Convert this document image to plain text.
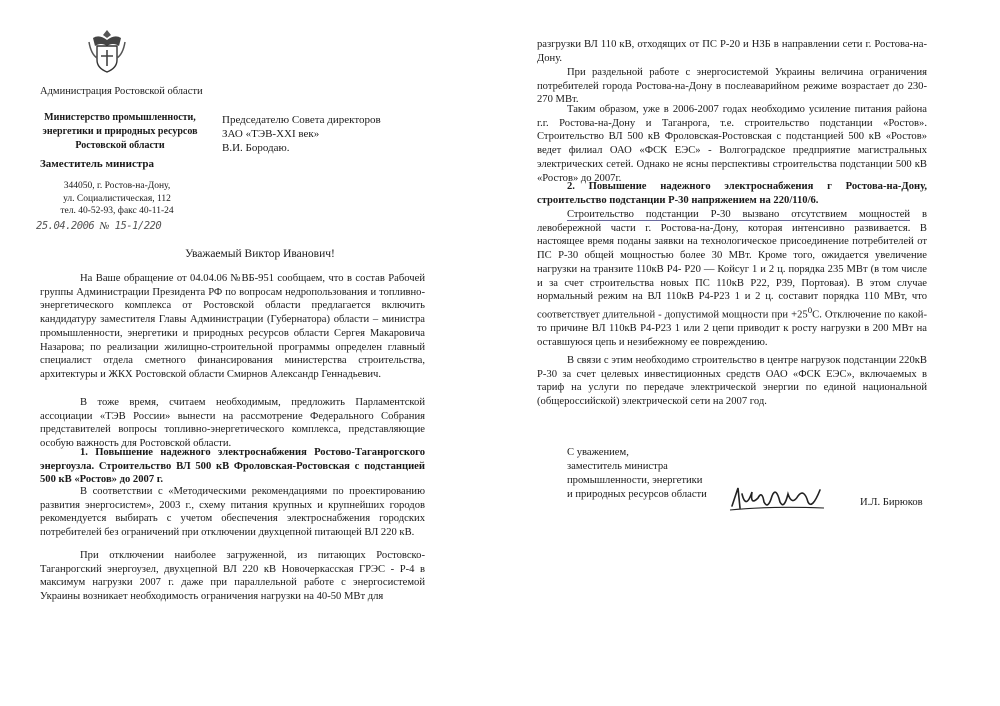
Администрация Ростовской области
Министерство промышленности,
энергетики и природных ресурсов
Ростовской области
Заместитель министра
344050, г. Ростов-на-Дону,
ул. Социалистическая, 112
тел. 40-52-93, факс 40-11-24
25.04.2006 № 15-1/220
Председателю Совета директоров
ЗАО «ТЭВ-XXI век»
В.И. Бородаю.
Уважаемый Виктор Иванович!

На Ваше обращение от 04.04.06 №ВБ-951 сообщаем, что в состав Рабочей группы Администрации Президента РФ по вопросам недропользования и топливно-энергетического комплекса от Ростовской области предлагается включить кандидатуру заместителя Главы Администрации (Губернатора) области – министра промышленности, энергетики и природных ресурсов области Сергея Макаровича Назарова; по реализации жилищно-строительной программы определен главный специалист отдела сметного финансирования министерства строительства, архитектуры и ЖКХ Ростовской области Смирнов Александр Геннадьевич.

В тоже время, считаем необходимым, предложить Парламентской ассоциации «ТЭВ России» вынести на рассмотрение Федерального Собрания представителей вопросы топливно-энергетического комплекса, представляющие особую важность для Ростовской области.

1. Повышение надежного электроснабжения Ростово-Таганрогского энергоузла. Строительство ВЛ 500 кВ Фроловская-Ростовская с подстанцией 500 кВ «Ростов» до 2007 г.

В соответствии с «Методическими рекомендациями по проектированию развития энергосистем», 2003 г., схему питания крупных и крупнейших городов рекомендуется выбирать с учетом обеспечения электроснабжения городских потребителей без ограничений при отключении двухцепной питающей ВЛ 220 кВ.

При отключении наиболее загруженной, из питающих Ростовско-Таганрогский энергоузел, двухцепной ВЛ 220 кВ Новочеркасская ГРЭС - Р-4 в максимум нагрузки 2007 г. даже при параллельной работе с энергосистемой Украины возникает необходимость ограничения нагрузки на 40-50 МВт для

разгрузки ВЛ 110 кВ, отходящих от ПС Р-20 и НЗБ в направлении сети г. Ростова-на-Дону.

При раздельной работе с энергосистемой Украины величина ограничения потребителей города Ростова-на-Дону в послеаварийном режиме возрастает до 230-270 МВт.

Таким образом, уже в 2006-2007 годах необходимо усиление питания района г.г. Ростова-на-Дону и Таганрога, т.е. строительство подстанции «Ростов». Строительство ВЛ 500 кВ Фроловская-Ростовская с подстанцией 500 кВ «Ростов» ведет филиал ОАО «ФСК ЕЭС» - Волгоградское предприятие магистральных электрических сетей. Однако не ясны перспективы строительства подстанции 500 кВ «Ростов» до 2007г.

2. Повышение надежного электроснабжения г Ростова-на-Дону, строительство подстанции Р-30 напряжением на 220/110/6.

Строительство подстанции Р-30 вызвано отсутствием мощностей в левобережной части г. Ростова-на-Дону, которая интенсивно развивается. В настоящее время поданы заявки на технологическое присоединение потребителей от ПС Р-30 общей мощностью более 30 МВт. Кроме того, ожидается увеличение нагрузки на транзите 110кВ Р4- Р20 — Койсуг 1 и 2 ц. порядка 235 МВт (в том числе и за счет строительства новых ПС 110кВ Р22, Р39, Портовая). В этом случае нормальный режим на ВЛ 110кВ Р4-Р23 1 и 2 ц. составит порядка 110 МВт, что соответствует длительной - допустимой мощности при $+25^0С$. Отключение по какой-то причине ВЛ 110кВ Р4-Р23 1 или 2 цепи приводит к росту нагрузки в 200 МВт на оставшуюся цепь и незибежному ее повреждению.

В связи с этим необходимо строительство в центре нагрузок подстанции 220кВ Р-30 за счет целевых инвестиционных средств ОАО «ФСК ЕЭС», включаемых в тариф на услуги по передаче электрической энергии по единой национальной (общероссийской) электрической сети на 2007 год.

С уважением,
заместитель министра
промышленности, энергетики
и природных ресурсов области
И.Л. Бирюков
